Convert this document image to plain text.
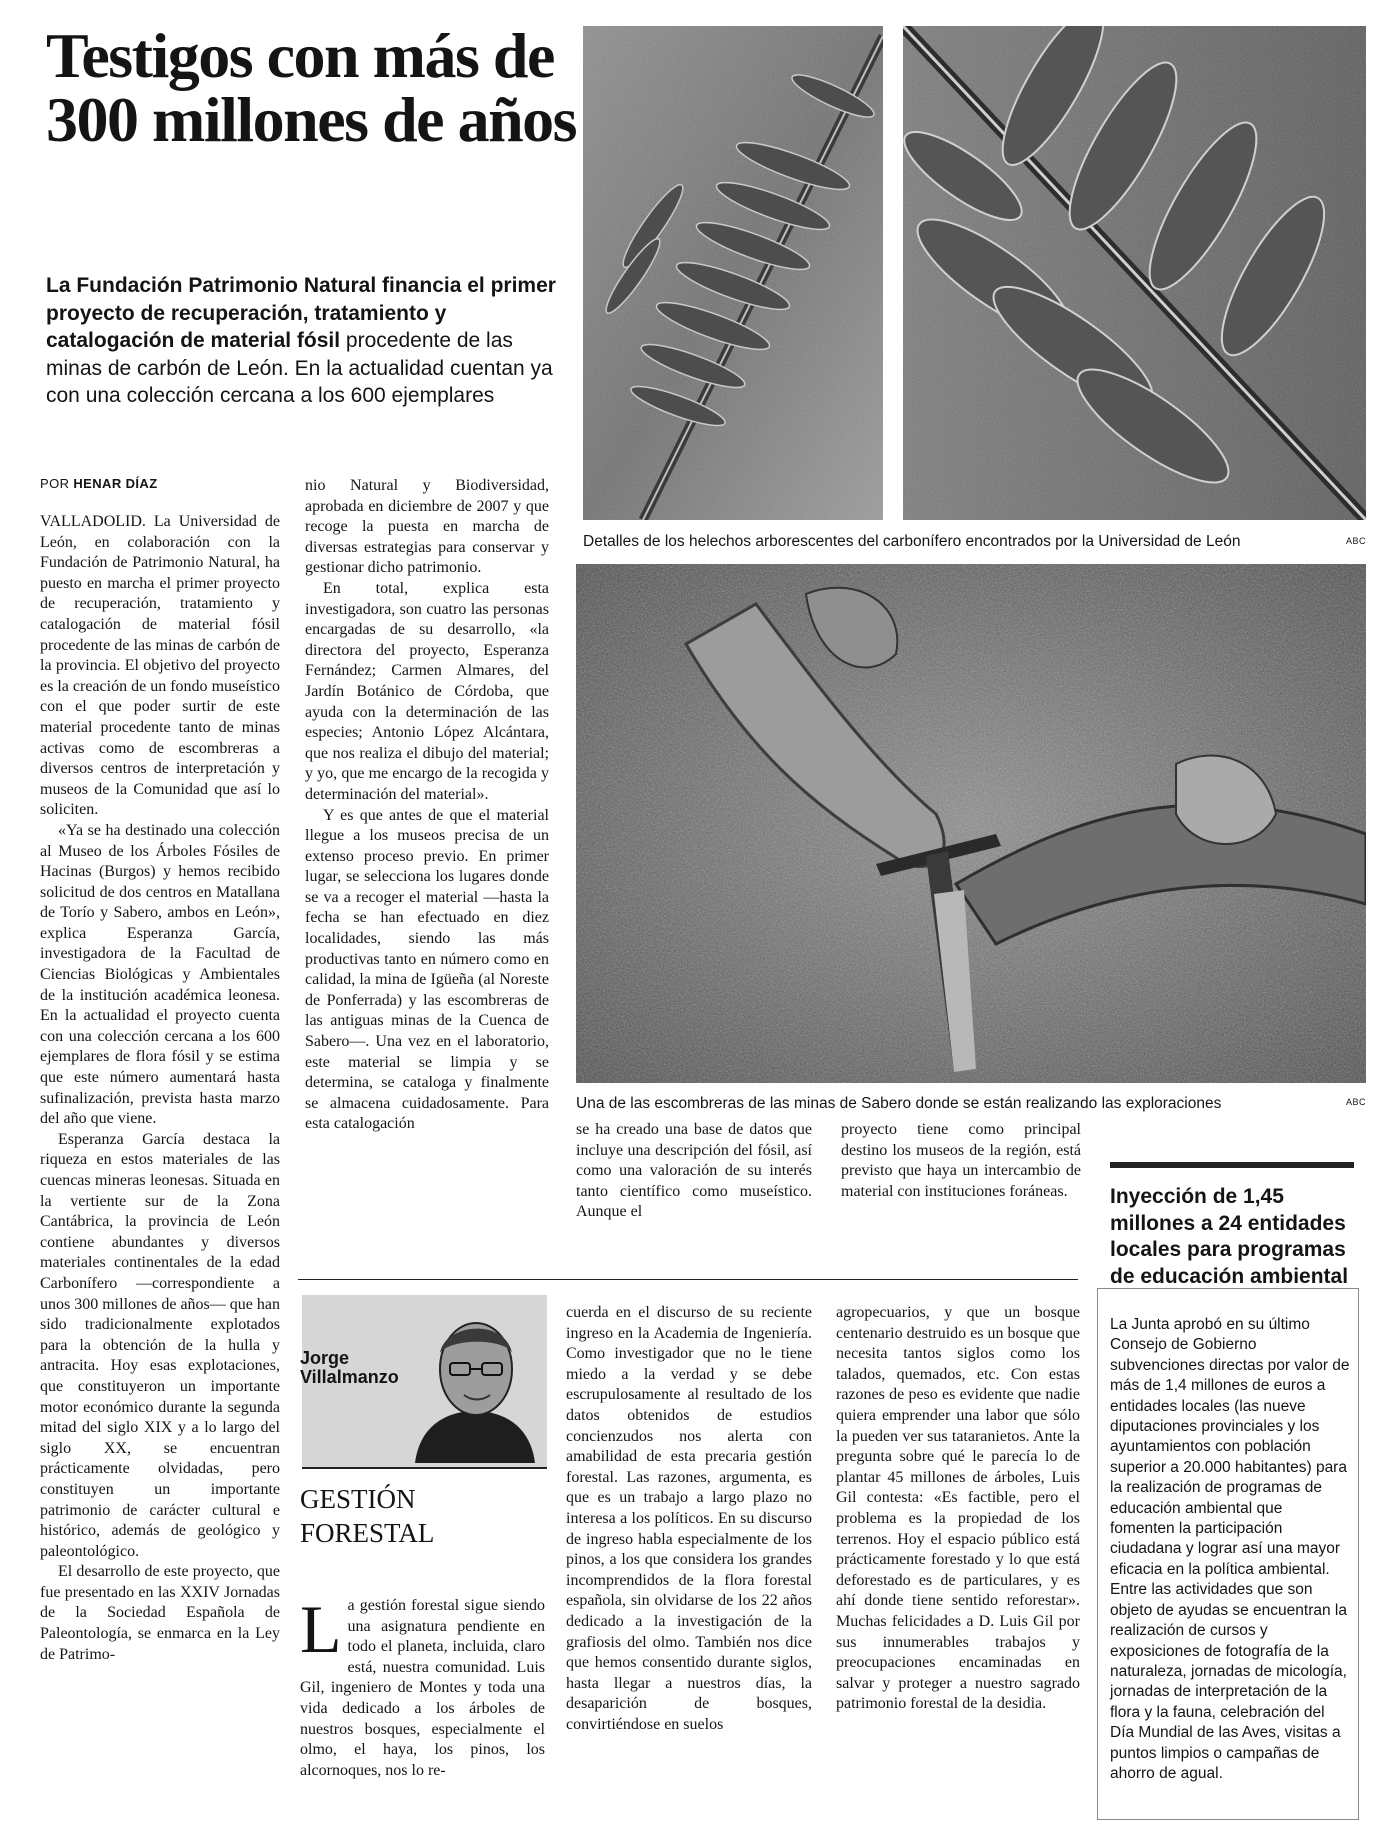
Testigos con más de 300 millones de años
La Fundación Patrimonio Natural financia el primer proyecto de recuperación, tratamiento y catalogación de material fósil procedente de las minas de carbón de León. En la actualidad cuentan ya con una colección cercana a los 600 ejemplares
POR HENAR DÍAZ

VALLADOLID. La Universidad de León, en colaboración con la Fundación de Patrimonio Natural, ha puesto en marcha el primer proyecto de recuperación, tratamiento y catalogación de material fósil procedente de las minas de carbón de la provincia. El objetivo del proyecto es la creación de un fondo museístico con el que poder surtir de este material procedente tanto de minas activas como de escombreras a diversos centros de interpretación y museos de la Comunidad que así lo soliciten.

«Ya se ha destinado una colección al Museo de los Árboles Fósiles de Hacinas (Burgos) y hemos recibido solicitud de dos centros en Matallana de Torío y Sabero, ambos en León», explica Esperanza García, investigadora de la Facultad de Ciencias Biológicas y Ambientales de la institución académica leonesa. En la actualidad el proyecto cuenta con una colección cercana a los 600 ejemplares de flora fósil y se estima que este número aumentará hasta sufinalización, prevista hasta marzo del año que viene.

Esperanza García destaca la riqueza en estos materiales de las cuencas mineras leonesas. Situada en la vertiente sur de la Zona Cantábrica, la provincia de León contiene abundantes y diversos materiales continentales de la edad Carbonífero —correspondiente a unos 300 millones de años— que han sido tradicionalmente explotados para la obtención de la hulla y antracita. Hoy esas explotaciones, que constituyeron un importante motor económico durante la segunda mitad del siglo XIX y a lo largo del siglo XX, se encuentran prácticamente olvidadas, pero constituyen un importante patrimonio de carácter cultural e histórico, además de geológico y paleontológico.

El desarrollo de este proyecto, que fue presentado en las XXIV Jornadas de la Sociedad Española de Paleontología, se enmarca en la Ley de Patrimo-

nio Natural y Biodiversidad, aprobada en diciembre de 2007 y que recoge la puesta en marcha de diversas estrategias para conservar y gestionar dicho patrimonio.

En total, explica esta investigadora, son cuatro las personas encargadas de su desarrollo, «la directora del proyecto, Esperanza Fernández; Carmen Almares, del Jardín Botánico de Córdoba, que ayuda con la determinación de las especies; Antonio López Alcántara, que nos realiza el dibujo del material; y yo, que me encargo de la recogida y determinación del material».

Y es que antes de que el material llegue a los museos precisa de un extenso proceso previo. En primer lugar, se selecciona los lugares donde se va a recoger el material —hasta la fecha se han efectuado en diez localidades, siendo las más productivas tanto en número como en calidad, la mina de Igüeña (al Noreste de Ponferrada) y las escombreras de las antiguas minas de la Cuenca de Sabero—. Una vez en el laboratorio, este material se limpia y se determina, se cataloga y finalmente se almacena cuidadosamente. Para esta catalogación	se ha creado una base de datos que incluye una descripción del fósil, así como una valoración de su interés tanto científico como museístico. Aunque el

proyecto tiene como principal destino los museos de la región, está previsto que haya un intercambio de material con instituciones foráneas.

Detalles de los helechos arborescentes del carbonífero encontrados por la Universidad de León	ABC
Una de las escombreras de las minas de Sabero donde se están realizando las exploraciones	ABC
Jorge
Villalmanzo
GESTIÓN
FORESTAL
La gestión forestal sigue siendo una asignatura pendiente en todo el planeta, incluida, claro está, nuestra comunidad. Luis Gil, ingeniero de Montes y toda una vida dedicado a los árboles de nuestros bosques, especialmente el olmo, el haya, los pinos, los alcornoques, nos lo re-

cuerda en el discurso de su reciente ingreso en la Academia de Ingeniería. Como investigador que no le tiene miedo a la verdad y se debe escrupulosamente al resultado de los datos obtenidos de estudios concienzudos nos alerta con amabilidad de esta precaria gestión forestal. Las razones, argumenta, es que es un trabajo a largo plazo no interesa a los políticos. En su discurso de ingreso habla especialmente de los pinos, a los que considera los grandes incomprendidos de la flora forestal española, sin olvidarse de los 22 años dedicado a la investigación de la grafiosis del olmo. También nos dice que hemos consentido durante siglos, hasta llegar a nuestros días, la desaparición de bosques, convirtiéndose en suelos

agropecuarios, y que un bosque centenario destruido es un bosque que necesita tantos siglos como los talados, quemados, etc. Con estas razones de peso es evidente que nadie quiera emprender una labor que sólo la pueden ver sus tataranietos. Ante la pregunta sobre qué le parecía lo de plantar 45 millones de árboles, Luis Gil contesta: «Es factible, pero el problema es la propiedad de los terrenos. Hoy el espacio público está prácticamente forestado y lo que está deforestado es de particulares, y es ahí donde tiene sentido reforestar». Muchas felicidades a D. Luis Gil por sus innumerables trabajos y preocupaciones encaminadas en salvar y proteger a nuestro sagrado patrimonio forestal de la desidia.

Inyección de 1,45 millones a 24 entidades locales para programas de educación ambiental
La Junta aprobó en su último Consejo de Gobierno subvenciones directas por valor de más de 1,4 millones de euros a entidades locales (las nueve diputaciones provinciales y los ayuntamientos con población superior a 20.000 habitantes) para la realización de programas de educación ambiental que fomenten la participación ciudadana y lograr así una mayor eficacia en la política ambiental. Entre las actividades que son objeto de ayudas se encuentran la realización de cursos y exposiciones de fotografía de la naturaleza, jornadas de micología, jornadas de interpretación de la flora y la fauna, celebración del Día Mundial de las Aves, visitas a puntos limpios o campañas de ahorro de agual.
